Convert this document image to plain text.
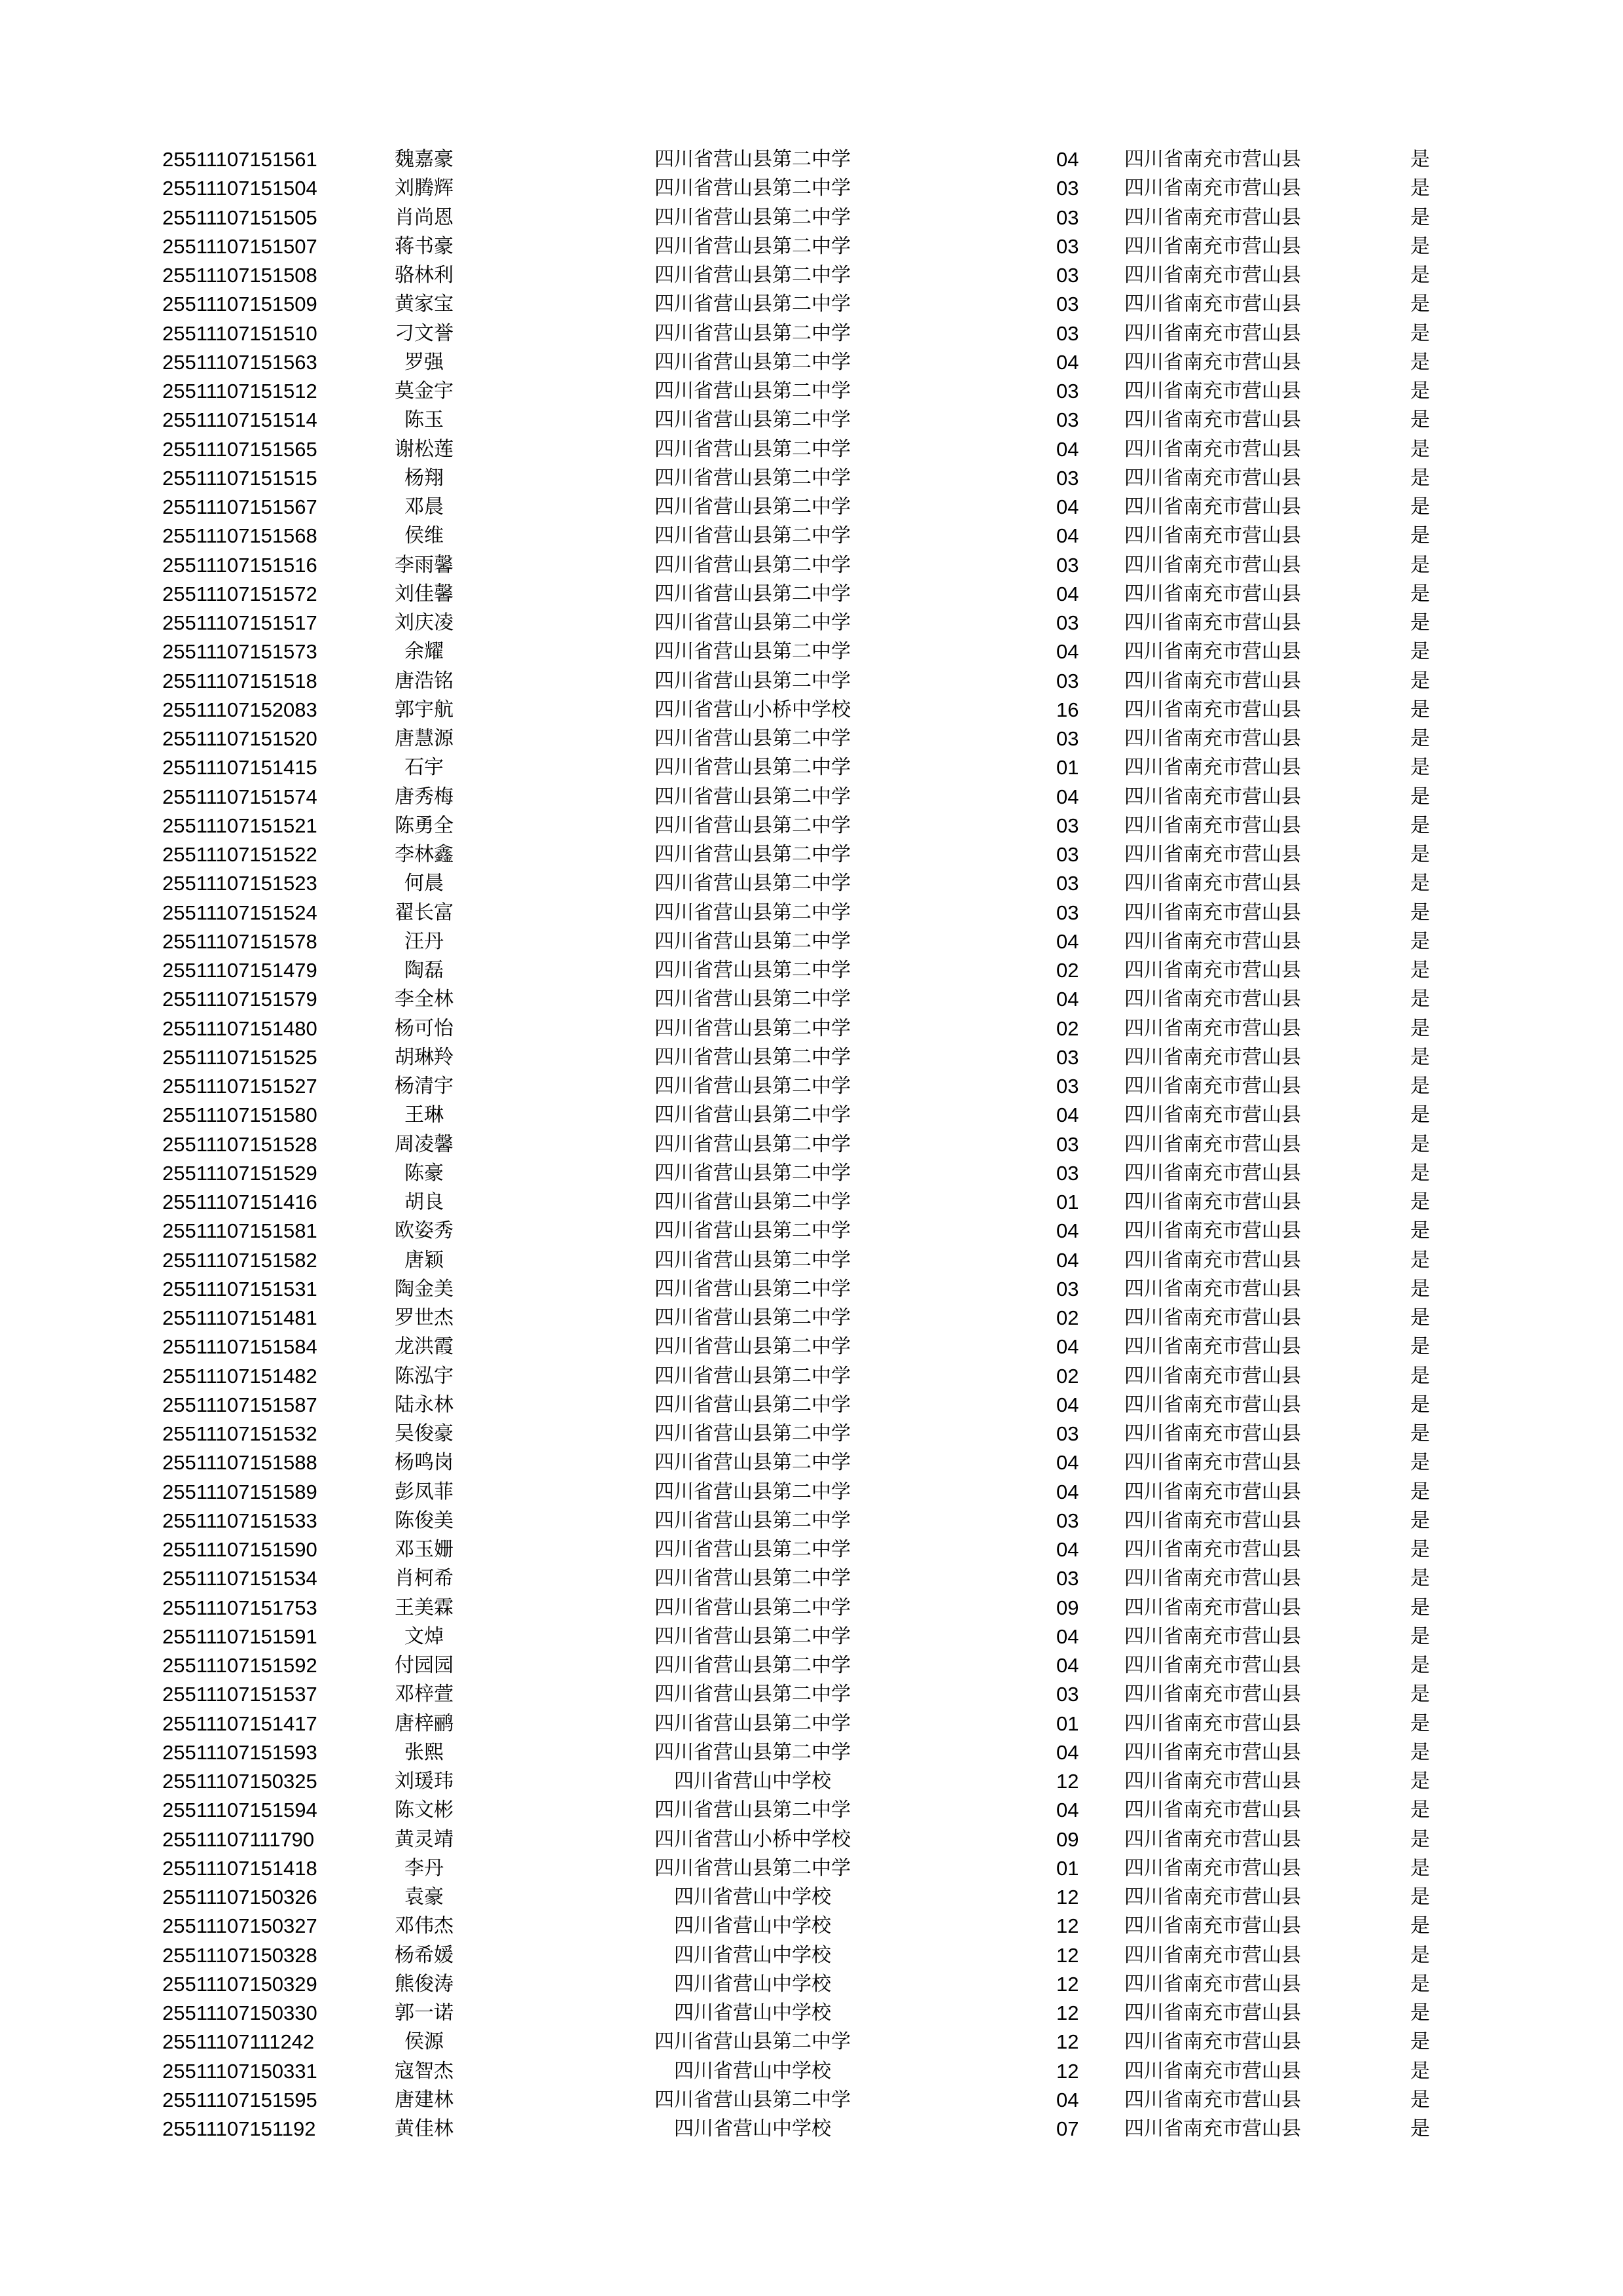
25511107151561	魏嘉豪	四川省营山县第二中学	04 四川省南充市营山县	是
25511107151504	刘腾辉	四川省营山县第二中学	03 四川省南充市营山县	是
25511107151505	肖尚恩	四川省营山县第二中学	03 四川省南充市营山县	是
25511107151507	蒋书豪	四川省营山县第二中学	03 四川省南充市营山县	是
25511107151508	骆林利	四川省营山县第二中学	03 四川省南充市营山县	是
25511107151509	黄家宝	四川省营山县第二中学	03 四川省南充市营山县	是
25511107151510	刁文誉	四川省营山县第二中学	03 四川省南充市营山县	是
25511107151563	罗强	四川省营山县第二中学	04 四川省南充市营山县	是
25511107151512	莫金宇	四川省营山县第二中学	03 四川省南充市营山县	是
25511107151514	陈玉	四川省营山县第二中学	03 四川省南充市营山县	是
25511107151565	谢松莲	四川省营山县第二中学	04 四川省南充市营山县	是
25511107151515	杨翔	四川省营山县第二中学	03 四川省南充市营山县	是
25511107151567	邓晨	四川省营山县第二中学	04 四川省南充市营山县	是
25511107151568	侯维	四川省营山县第二中学	04 四川省南充市营山县	是
25511107151516	李雨馨	四川省营山县第二中学	03 四川省南充市营山县	是
25511107151572	刘佳馨	四川省营山县第二中学	04 四川省南充市营山县	是
25511107151517	刘庆凌	四川省营山县第二中学	03 四川省南充市营山县	是
25511107151573	余耀	四川省营山县第二中学	04 四川省南充市营山县	是
25511107151518	唐浩铭	四川省营山县第二中学	03 四川省南充市营山县	是
25511107152083	郭宇航	四川省营山小桥中学校	16 四川省南充市营山县	是
25511107151520	唐慧源	四川省营山县第二中学	03 四川省南充市营山县	是
25511107151415	石宇	四川省营山县第二中学	01 四川省南充市营山县	是
25511107151574	唐秀梅	四川省营山县第二中学	04 四川省南充市营山县	是
25511107151521	陈勇全	四川省营山县第二中学	03 四川省南充市营山县	是
25511107151522	李林鑫	四川省营山县第二中学	03 四川省南充市营山县	是
25511107151523	何晨	四川省营山县第二中学	03 四川省南充市营山县	是
25511107151524	翟长富	四川省营山县第二中学	03 四川省南充市营山县	是
25511107151578	汪丹	四川省营山县第二中学	04 四川省南充市营山县	是
25511107151479	陶磊	四川省营山县第二中学	02 四川省南充市营山县	是
25511107151579	李全林	四川省营山县第二中学	04 四川省南充市营山县	是
25511107151480	杨可怡	四川省营山县第二中学	02 四川省南充市营山县	是
25511107151525	胡琳羚	四川省营山县第二中学	03 四川省南充市营山县	是
25511107151527	杨清宇	四川省营山县第二中学	03 四川省南充市营山县	是
25511107151580	王琳	四川省营山县第二中学	04 四川省南充市营山县	是
25511107151528	周凌馨	四川省营山县第二中学	03 四川省南充市营山县	是
25511107151529	陈豪	四川省营山县第二中学	03 四川省南充市营山县	是
25511107151416	胡良	四川省营山县第二中学	01 四川省南充市营山县	是
25511107151581	欧姿秀	四川省营山县第二中学	04 四川省南充市营山县	是
25511107151582	唐颖	四川省营山县第二中学	04 四川省南充市营山县	是
25511107151531	陶金美	四川省营山县第二中学	03 四川省南充市营山县	是
25511107151481	罗世杰	四川省营山县第二中学	02 四川省南充市营山县	是
25511107151584	龙洪霞	四川省营山县第二中学	04 四川省南充市营山县	是
25511107151482	陈泓宇	四川省营山县第二中学	02 四川省南充市营山县	是
25511107151587	陆永林	四川省营山县第二中学	04 四川省南充市营山县	是
25511107151532	吴俊豪	四川省营山县第二中学	03 四川省南充市营山县	是
25511107151588	杨鸣岗	四川省营山县第二中学	04 四川省南充市营山县	是
25511107151589	彭凤菲	四川省营山县第二中学	04 四川省南充市营山县	是
25511107151533	陈俊美	四川省营山县第二中学	03 四川省南充市营山县	是
25511107151590	邓玉姗	四川省营山县第二中学	04 四川省南充市营山县	是
25511107151534	肖柯希	四川省营山县第二中学	03 四川省南充市营山县	是
25511107151753	王美霖	四川省营山县第二中学	09 四川省南充市营山县	是
25511107151591	文焯	四川省营山县第二中学	04 四川省南充市营山县	是
25511107151592	付园园	四川省营山县第二中学	04 四川省南充市营山县	是
25511107151537	邓梓萱	四川省营山县第二中学	03 四川省南充市营山县	是
25511107151417	唐梓鹂	四川省营山县第二中学	01 四川省南充市营山县	是
25511107151593	张熙	四川省营山县第二中学	04 四川省南充市营山县	是
25511107150325	刘瑗玮	四川省营山中学校	12 四川省南充市营山县	是
25511107151594	陈文彬	四川省营山县第二中学	04 四川省南充市营山县	是
25511107111790	黄灵靖	四川省营山小桥中学校	09 四川省南充市营山县	是
25511107151418	李丹	四川省营山县第二中学	01 四川省南充市营山县	是
25511107150326	袁豪	四川省营山中学校	12 四川省南充市营山县	是
25511107150327	邓伟杰	四川省营山中学校	12 四川省南充市营山县	是
25511107150328	杨希媛	四川省营山中学校	12 四川省南充市营山县	是
25511107150329	熊俊涛	四川省营山中学校	12 四川省南充市营山县	是
25511107150330	郭一诺	四川省营山中学校	12 四川省南充市营山县	是
25511107111242	侯源	四川省营山县第二中学	12 四川省南充市营山县	是
25511107150331	寇智杰	四川省营山中学校	12 四川省南充市营山县	是
25511107151595	唐建林	四川省营山县第二中学	04 四川省南充市营山县	是
25511107151192	黄佳林	四川省营山中学校	07 四川省南充市营山县	是
